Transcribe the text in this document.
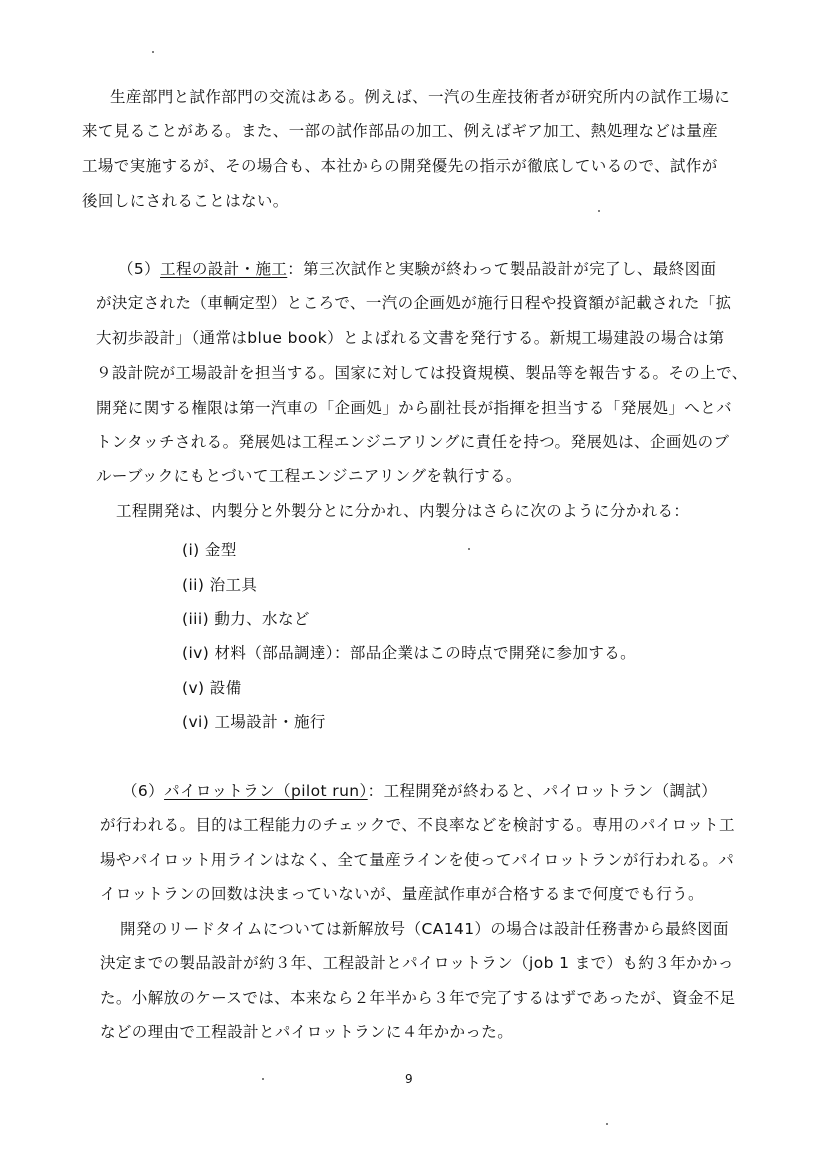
生産部門と試作部門の交流はある。例えば、一汽の生産技術者が研究所内の試作工場に
来て見ることがある。また、一部の試作部品の加工、例えばギア加工、熱処理などは量産
工場で実施するが、その場合も、本社からの開発優先の指示が徹底しているので、試作が
後回しにされることはない。
（5）工程の設計・施工：第三次試作と実験が終わって製品設計が完了し、最終図面
が決定された（車輌定型）ところで、一汽の企画処が施行日程や投資額が記載された「拡
大初歩設計」（通常はblue book）とよばれる文書を発行する。新規工場建設の場合は第
９設計院が工場設計を担当する。国家に対しては投資規模、製品等を報告する。その上で、
開発に関する権限は第一汽車の「企画処」から副社長が指揮を担当する「発展処」へとバ
トンタッチされる。発展処は工程エンジニアリングに責任を持つ。発展処は、企画処のブ
ルーブックにもとづいて工程エンジニアリングを執行する。
工程開発は、内製分と外製分とに分かれ、内製分はさらに次のように分かれる：
(i) 金型
(ii) 治工具
(iii) 動力、水など
(iv) 材料（部品調達）：部品企業はこの時点で開発に参加する。
(v) 設備
(vi) 工場設計・施行
（6）パイロットラン（pilot run）：工程開発が終わると、パイロットラン（調試）
が行われる。目的は工程能力のチェックで、不良率などを検討する。専用のパイロット工
場やパイロット用ラインはなく、全て量産ラインを使ってパイロットランが行われる。パ
イロットランの回数は決まっていないが、量産試作車が合格するまで何度でも行う。
開発のリードタイムについては新解放号（CA141）の場合は設計任務書から最終図面
決定までの製品設計が約３年、工程設計とパイロットラン（job 1 まで）も約３年かかっ
た。小解放のケースでは、本来なら２年半から３年で完了するはずであったが、資金不足
などの理由で工程設計とパイロットランに４年かかった。
9
